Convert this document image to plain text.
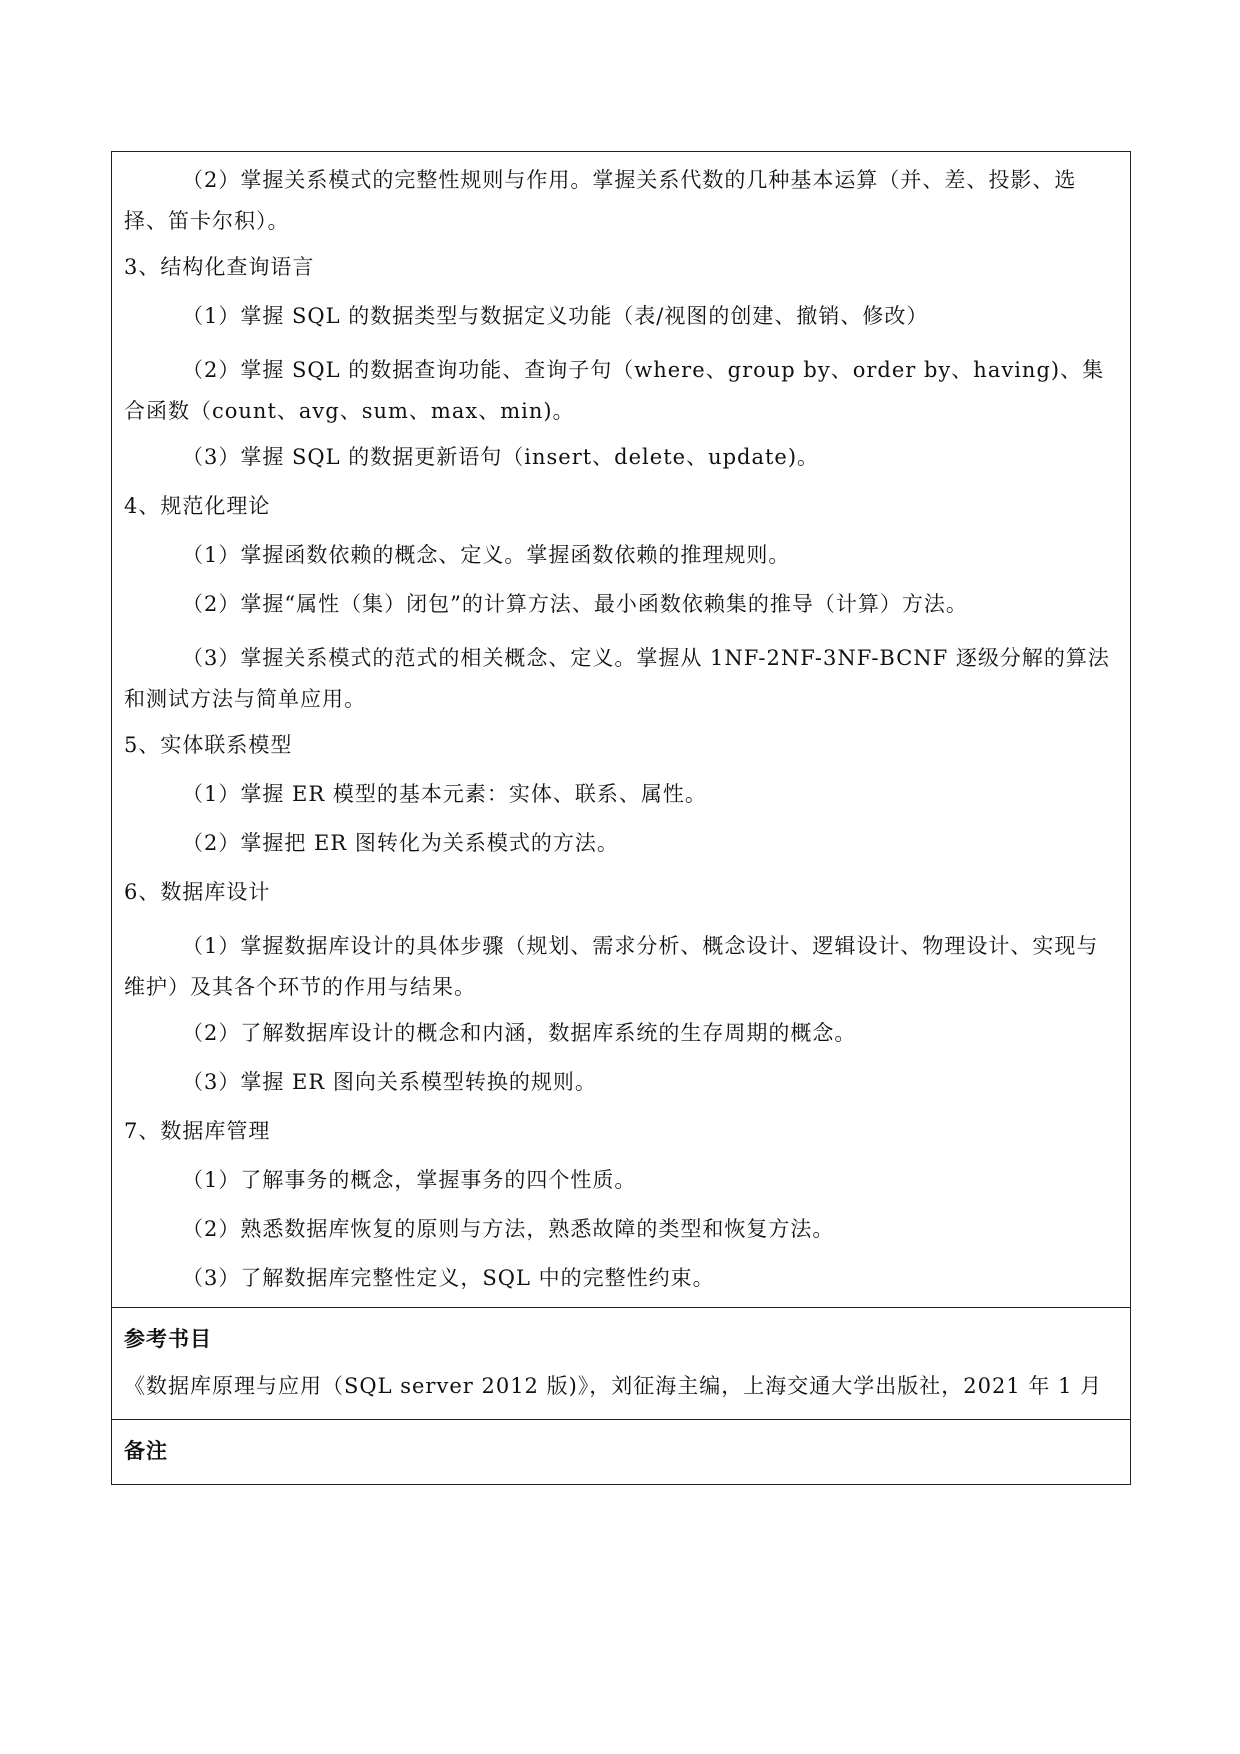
（2）掌握关系模式的完整性规则与作用。掌握关系代数的几种基本运算（并、差、投影、选择、笛卡尔积）。

3、结构化查询语言

（1）掌握 SQL 的数据类型与数据定义功能（表/视图的创建、撤销、修改）

（2）掌握 SQL 的数据查询功能、查询子句（where、group by、order by、having)、集合函数（count、avg、sum、max、min)。

（3）掌握 SQL 的数据更新语句（insert、delete、update)。

4、规范化理论

（1）掌握函数依赖的概念、定义。掌握函数依赖的推理规则。

（2）掌握“属性（集）闭包”的计算方法、最小函数依赖集的推导（计算）方法。

（3）掌握关系模式的范式的相关概念、定义。掌握从 1NF-2NF-3NF-BCNF 逐级分解的算法和测试方法与简单应用。

5、实体联系模型

（1）掌握 ER 模型的基本元素：实体、联系、属性。

（2）掌握把 ER 图转化为关系模式的方法。

6、数据库设计

（1）掌握数据库设计的具体步骤（规划、需求分析、概念设计、逻辑设计、物理设计、实现与维护）及其各个环节的作用与结果。

（2）了解数据库设计的概念和内涵，数据库系统的生存周期的概念。

（3）掌握 ER 图向关系模型转换的规则。

7、数据库管理

（1）了解事务的概念，掌握事务的四个性质。

（2）熟悉数据库恢复的原则与方法，熟悉故障的类型和恢复方法。

（3）了解数据库完整性定义，SQL 中的完整性约束。

参考书目
《数据库原理与应用（SQL server 2012 版)》，刘征海主编，上海交通大学出版社，2021 年 1 月
备注
